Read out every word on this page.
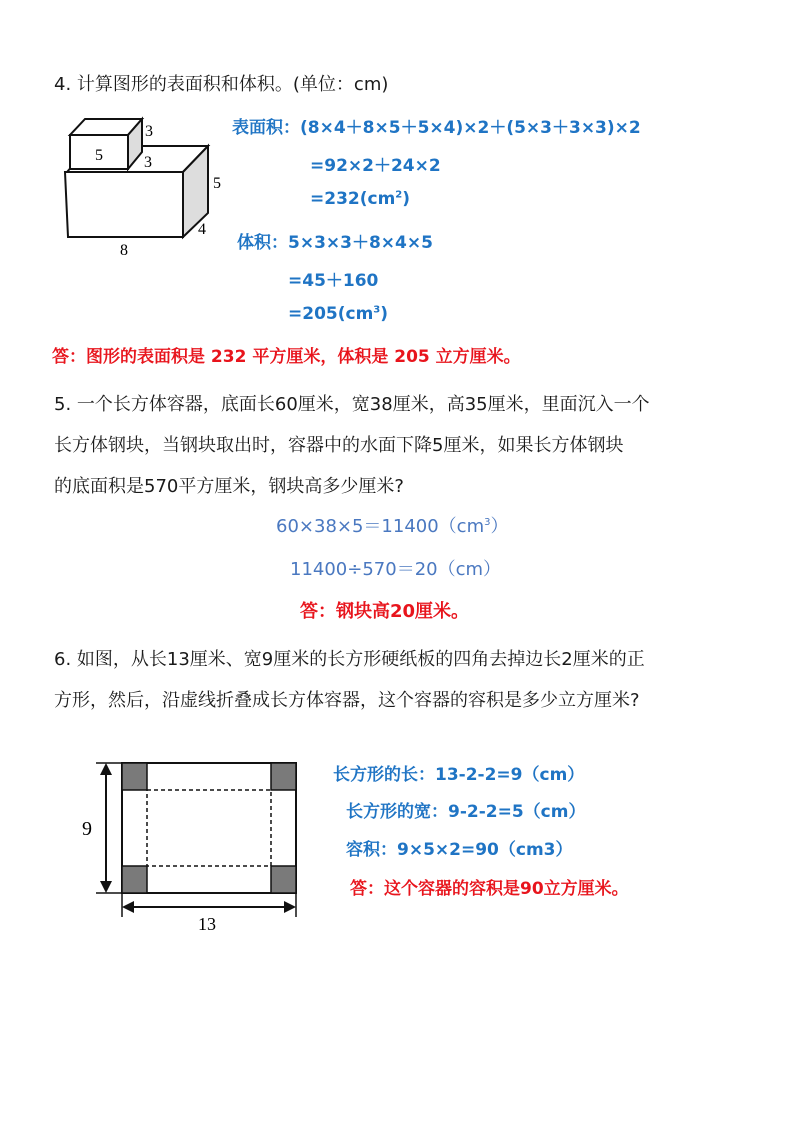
4. 计算图形的表面积和体积。(单位：cm)
5
3
3
5
4
8
表面积：(8×4＋8×5＋5×4)×2＋(5×3＋3×3)×2
=92×2＋24×2
$=232(cm^2)$
体积：5×3×3＋8×4×5
=45＋160
$=205(cm^3)$
答：图形的表面积是 232 平方厘米，体积是 205 立方厘米。
5. 一个长方体容器，底面长60厘米，宽38厘米，高35厘米，里面沉入一个
长方体钢块，当钢块取出时，容器中的水面下降5厘米，如果长方体钢块
的底面积是570平方厘米，钢块高多少厘米?
$60\times 38\times 5=11400(cm^3)$
11400÷570＝20（cm）
答：钢块高20厘米。
6. 如图，从长13厘米、宽9厘米的长方形硬纸板的四角去掉边长2厘米的正
方形，然后，沿虚线折叠成长方体容器，这个容器的容积是多少立方厘米?
9
13
长方形的长：13-2-2=9（cm）
长方形的宽：9-2-2=5（cm）
容积：9×5×2=90（cm3）
答：这个容器的容积是90立方厘米。
